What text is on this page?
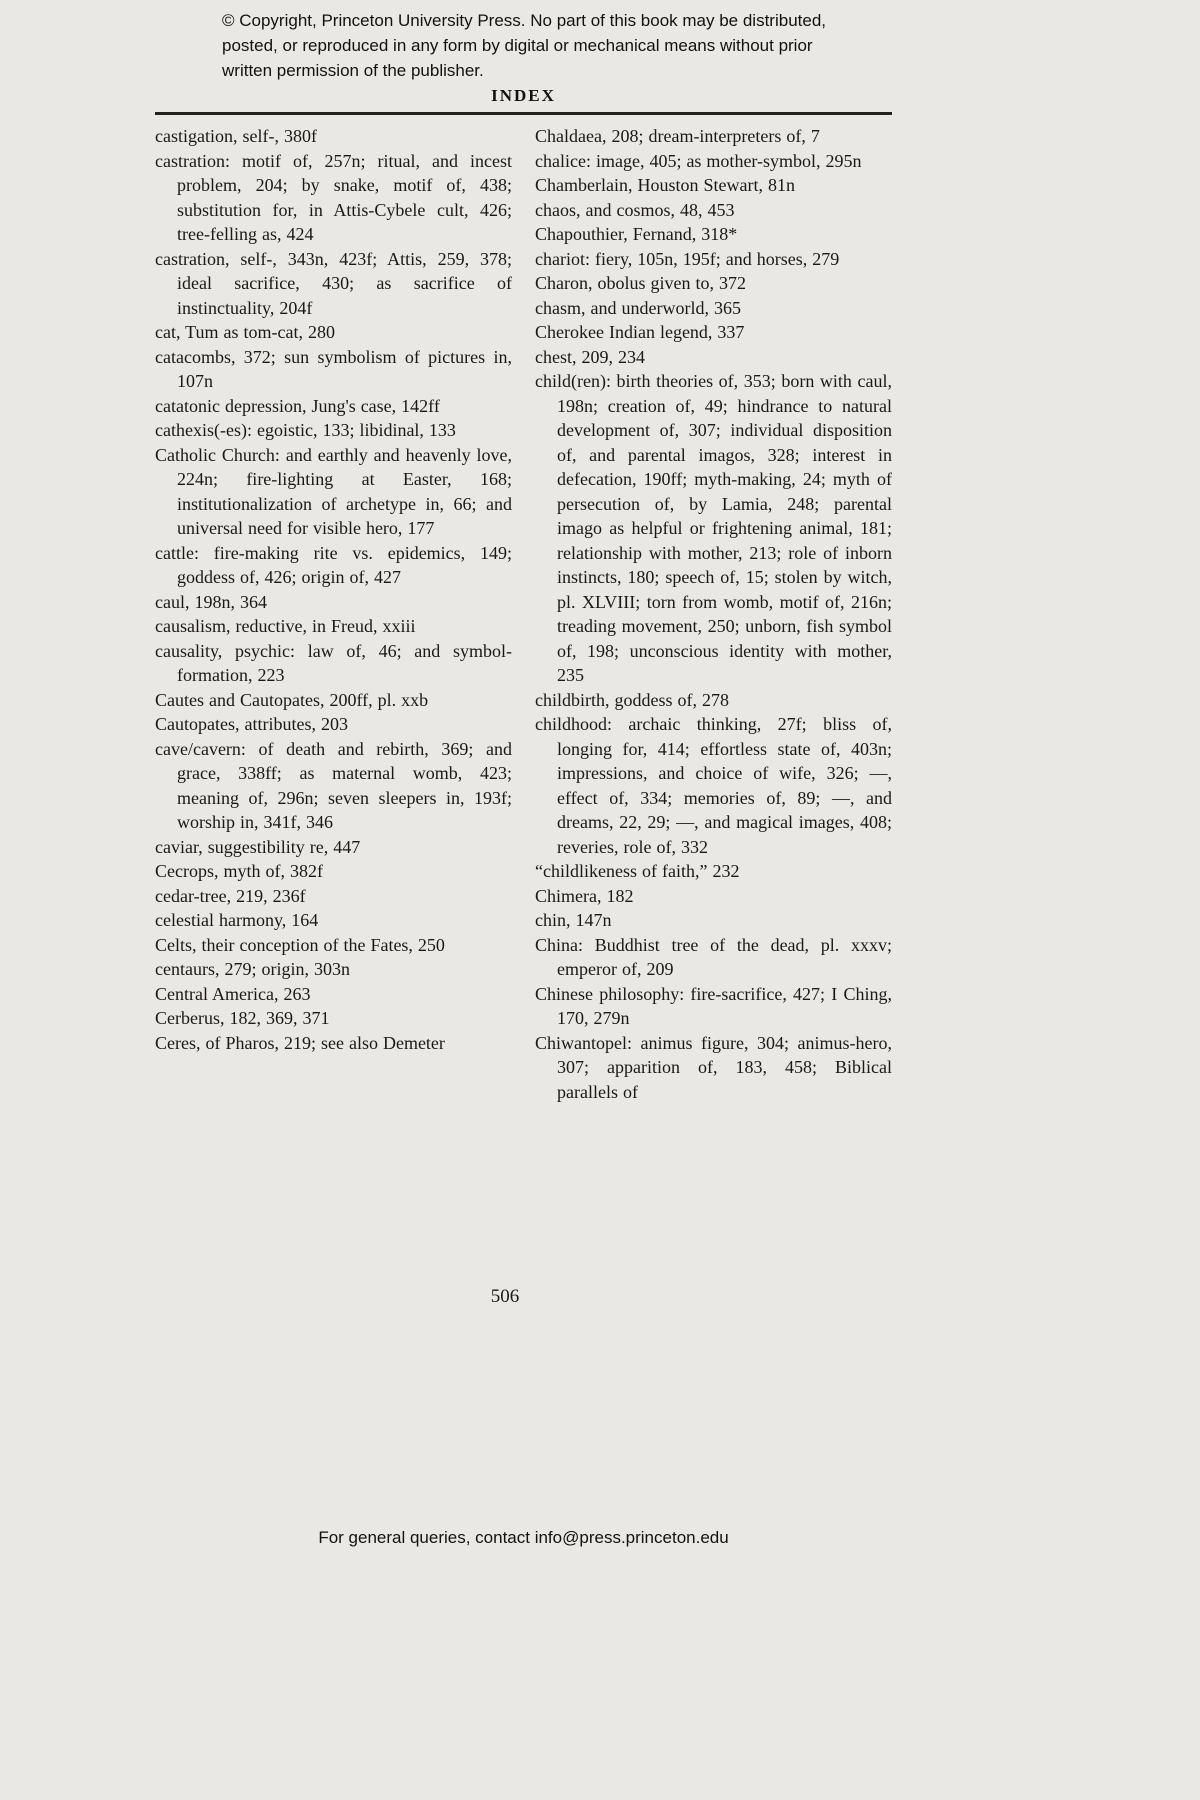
© Copyright, Princeton University Press. No part of this book may be distributed, posted, or reproduced in any form by digital or mechanical means without prior written permission of the publisher.
INDEX

castigation, self-, 380f

castration: motif of, 257n; ritual, and incest problem, 204; by snake, motif of, 438; substitution for, in Attis-Cybele cult, 426; tree-felling as, 424

castration, self-, 343n, 423f; Attis, 259, 378; ideal sacrifice, 430; as sacrifice of instinctuality, 204f

cat, Tum as tom-cat, 280

catacombs, 372; sun symbolism of pictures in, 107n

catatonic depression, Jung's case, 142ff

cathexis(-es): egoistic, 133; libidinal, 133

Catholic Church: and earthly and heavenly love, 224n; fire-lighting at Easter, 168; institutionalization of archetype in, 66; and universal need for visible hero, 177

cattle: fire-making rite vs. epidemics, 149; goddess of, 426; origin of, 427

caul, 198n, 364

causalism, reductive, in Freud, xxiii

causality, psychic: law of, 46; and symbol-formation, 223

Cautes and Cautopates, 200ff, pl. xxb

Cautopates, attributes, 203

cave/cavern: of death and rebirth, 369; and grace, 338ff; as maternal womb, 423; meaning of, 296n; seven sleepers in, 193f; worship in, 341f, 346

caviar, suggestibility re, 447

Cecrops, myth of, 382f

cedar-tree, 219, 236f

celestial harmony, 164

Celts, their conception of the Fates, 250

centaurs, 279; origin, 303n

Central America, 263

Cerberus, 182, 369, 371

Ceres, of Pharos, 219; see also Demeter

Chaldaea, 208; dream-interpreters of, 7

chalice: image, 405; as mother-symbol, 295n

Chamberlain, Houston Stewart, 81n

chaos, and cosmos, 48, 453

Chapouthier, Fernand, 318*

chariot: fiery, 105n, 195f; and horses, 279

Charon, obolus given to, 372

chasm, and underworld, 365

Cherokee Indian legend, 337

chest, 209, 234

child(ren): birth theories of, 353; born with caul, 198n; creation of, 49; hindrance to natural development of, 307; individual disposition of, and parental imagos, 328; interest in defecation, 190ff; myth-making, 24; myth of persecution of, by Lamia, 248; parental imago as helpful or frightening animal, 181; relationship with mother, 213; role of inborn instincts, 180; speech of, 15; stolen by witch, pl. XLVIII; torn from womb, motif of, 216n; treading movement, 250; unborn, fish symbol of, 198; unconscious identity with mother, 235

childbirth, goddess of, 278

childhood: archaic thinking, 27f; bliss of, longing for, 414; effortless state of, 403n; impressions, and choice of wife, 326; —, effect of, 334; memories of, 89; —, and dreams, 22, 29; —, and magical images, 408; reveries, role of, 332

“childlikeness of faith,” 232

Chimera, 182

chin, 147n

China: Buddhist tree of the dead, pl. xxxv; emperor of, 209

Chinese philosophy: fire-sacrifice, 427; I Ching, 170, 279n

Chiwantopel: animus figure, 304; animus-hero, 307; apparition of, 183, 458; Biblical parallels of

506
For general queries, contact info@press.princeton.edu
